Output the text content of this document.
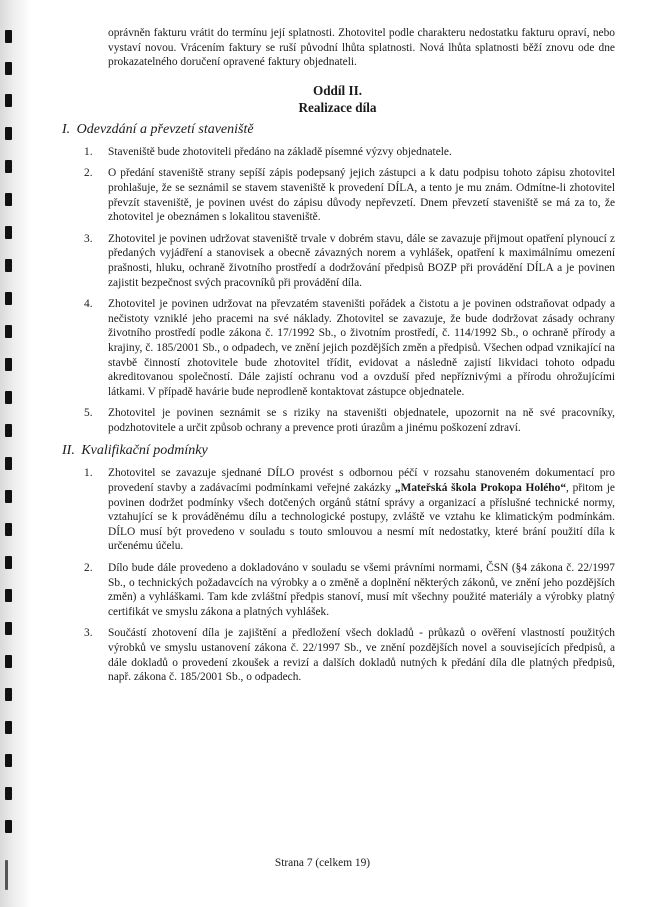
oprávněn fakturu vrátit do termínu její splatnosti. Zhotovitel podle charakteru nedostatku fakturu opraví, nebo vystaví novou. Vrácením faktury se ruší původní lhůta splatnosti. Nová lhůta splatnosti běží znovu ode dne prokazatelného doručení opravené faktury objednateli.
Oddíl II.
Realizace díla
I. Odevzdání a převzetí staveniště
1.	Staveniště bude zhotoviteli předáno na základě písemné výzvy objednatele.
2.	O předání staveniště strany sepíší zápis podepsaný jejich zástupci a k datu podpisu tohoto zápisu zhotovitel prohlašuje, že se seznámil se stavem staveniště k provedení DÍLA, a tento je mu znám. Odmítne-li zhotovitel převzít staveniště, je povinen uvést do zápisu důvody nepřevzetí. Dnem převzetí staveniště se má za to, že zhotovitel je obeznámen s lokalitou staveniště.
3.	Zhotovitel je povinen udržovat staveniště trvale v dobrém stavu, dále se zavazuje přijmout opatření plynoucí z předaných vyjádření a stanovisek a obecně závazných norem a vyhlášek, opatření k maximálnímu omezení prašnosti, hluku, ochraně životního prostředí a dodržování předpisů BOZP při provádění DÍLA a je povinen zajistit bezpečnost svých pracovníků při provádění díla.
4.	Zhotovitel je povinen udržovat na převzatém staveništi pořádek a čistotu a je povinen odstraňovat odpady a nečistoty vzniklé jeho pracemi na své náklady. Zhotovitel se zavazuje, že bude dodržovat zásady ochrany životního prostředí podle zákona č. 17/1992 Sb., o životním prostředí, č. 114/1992 Sb., o ochraně přírody a krajiny, č. 185/2001 Sb., o odpadech, ve znění jejich pozdějších změn a předpisů. Všechen odpad vznikající na stavbě činností zhotovitele bude zhotovitel třídit, evidovat a následně zajistí likvidaci tohoto odpadu akreditovanou společností. Dále zajistí ochranu vod a ovzduší před nepříznivými a přírodu ohrožujícími látkami. V případě havárie bude neprodleně kontaktovat zástupce objednatele.
5.	Zhotovitel je povinen seznámit se s riziky na staveništi objednatele, upozornit na ně své pracovníky, podzhotovitele a určit způsob ochrany a prevence proti úrazům a jinému poškození zdraví.
II. Kvalifikační podmínky
1.	Zhotovitel se zavazuje sjednané DÍLO provést s odbornou péčí v rozsahu stanoveném dokumentací pro provedení stavby a zadávacími podmínkami veřejné zakázky „Mateřská škola Prokopa Holého“, přitom je povinen dodržet podmínky všech dotčených orgánů státní správy a organizací a příslušné technické normy, vztahující se k prováděnému dílu a technologické postupy, zvláště ve vztahu ke klimatickým podmínkám. DÍLO musí být provedeno v souladu s touto smlouvou a nesmí mít nedostatky, které brání použití díla k určenému účelu.
2.	Dílo bude dále provedeno a dokladováno v souladu se všemi právními normami, ČSN (§4 zákona č. 22/1997 Sb., o technických požadavcích na výrobky a o změně a doplnění některých zákonů, ve znění jeho pozdějších změn) a vyhláškami. Tam kde zvláštní předpis stanoví, musí mít všechny použité materiály a výrobky platný certifikát ve smyslu zákona a platných vyhlášek.
3.	Součástí zhotovení díla je zajištění a předložení všech dokladů - průkazů o ověření vlastností použitých výrobků ve smyslu ustanovení zákona č. 22/1997 Sb., ve znění pozdějších novel a souvisejících předpisů, a dále dokladů o provedení zkoušek a revizí a dalších dokladů nutných k předání díla dle platných předpisů, např. zákona č. 185/2001 Sb., o odpadech.
Strana 7 (celkem 19)
